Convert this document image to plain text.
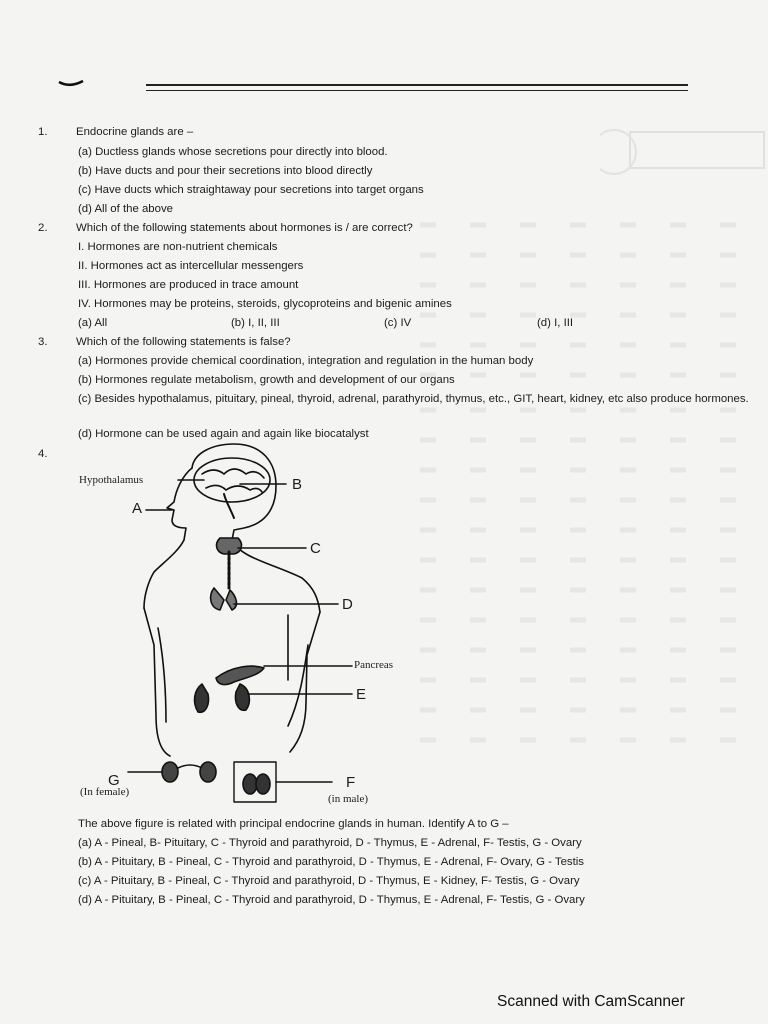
1.	Endocrine glands are –
(a) Ductless glands whose secretions pour directly into blood.
(b) Have ducts and pour their secretions into blood directly
(c) Have ducts which straightaway pour secretions into target organs
(d) All of the above
2.	Which of the following statements about hormones is / are correct?
I. Hormones are non-nutrient chemicals
II. Hormones act as intercellular messengers
III. Hormones are produced in trace amount
IV. Hormones may be proteins, steroids, glycoproteins and bigenic amines
(a) All	(b) I, II, III	(c) IV	(d) I, III
3.	Which of the following statements is false?
(a) Hormones provide chemical coordination, integration and regulation in the human body
(b) Hormones regulate metabolism, growth and development of our organs
(c) Besides hypothalamus, pituitary, pineal, thyroid, adrenal, parathyroid, thymus, etc., GIT, heart, kidney, etc also produce hormones.
(d) Hormone can be used again and again like biocatalyst
4.
Hypothalamus
A
B
C
D
Pancreas
E
G
(In female)
F
(in male)
The above figure is related with principal endocrine glands in human. Identify A to G –
(a) A - Pineal, B- Pituitary, C - Thyroid and parathyroid, D - Thymus, E - Adrenal, F- Testis, G - Ovary
(b) A - Pituitary, B - Pineal, C - Thyroid and parathyroid, D - Thymus, E - Adrenal, F- Ovary, G - Testis
(c) A - Pituitary, B - Pineal, C - Thyroid and parathyroid, D - Thymus, E - Kidney, F- Testis, G - Ovary
(d) A - Pituitary, B - Pineal, C - Thyroid and parathyroid, D - Thymus, E - Adrenal, F- Testis, G - Ovary
Scanned with CamScanner
